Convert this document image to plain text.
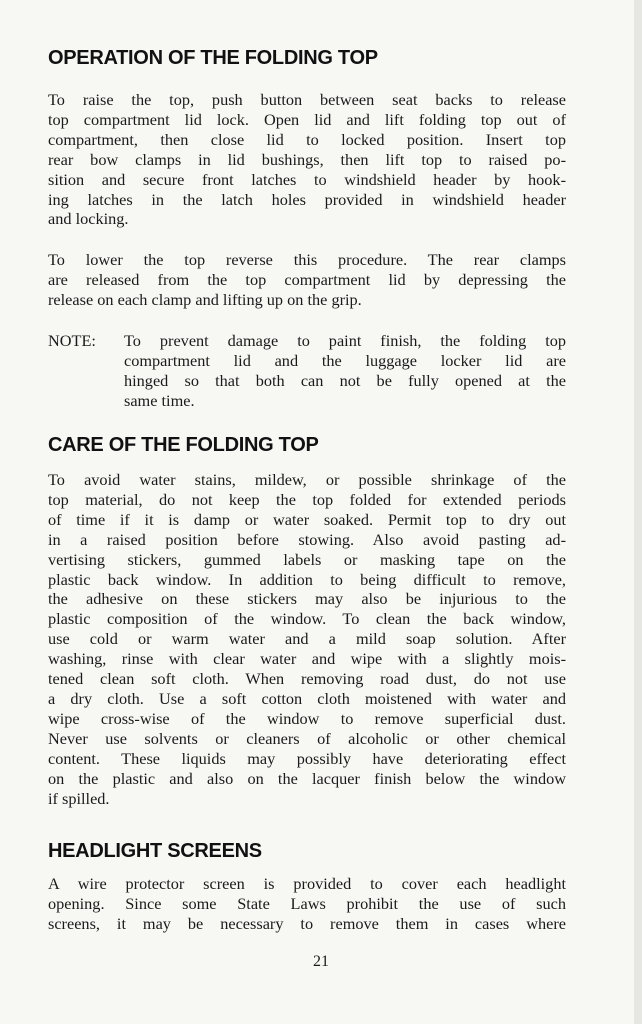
OPERATION OF THE FOLDING TOP
To raise the top, push button between seat backs to release
top compartment lid lock. Open lid and lift folding top out of
compartment, then close lid to locked position. Insert top
rear bow clamps in lid bushings, then lift top to raised po-
sition and secure front latches to windshield header by hook-
ing latches in the latch holes provided in windshield header
and locking.
To lower the top reverse this procedure. The rear clamps
are released from the top compartment lid by depressing the
release on each clamp and lifting up on the grip.
NOTE: To prevent damage to paint finish, the folding top
compartment lid and the luggage locker lid are
hinged so that both can not be fully opened at the
same time.
CARE OF THE FOLDING TOP
To avoid water stains, mildew, or possible shrinkage of the
top material, do not keep the top folded for extended periods
of time if it is damp or water soaked. Permit top to dry out
in a raised position before stowing. Also avoid pasting ad-
vertising stickers, gummed labels or masking tape on the
plastic back window. In addition to being difficult to remove,
the adhesive on these stickers may also be injurious to the
plastic composition of the window. To clean the back window,
use cold or warm water and a mild soap solution. After
washing, rinse with clear water and wipe with a slightly mois-
tened clean soft cloth. When removing road dust, do not use
a dry cloth. Use a soft cotton cloth moistened with water and
wipe cross-wise of the window to remove superficial dust.
Never use solvents or cleaners of alcoholic or other chemical
content. These liquids may possibly have deteriorating effect
on the plastic and also on the lacquer finish below the window
if spilled.
HEADLIGHT SCREENS
A wire protector screen is provided to cover each headlight
opening. Since some State Laws prohibit the use of such
screens, it may be necessary to remove them in cases where
21
